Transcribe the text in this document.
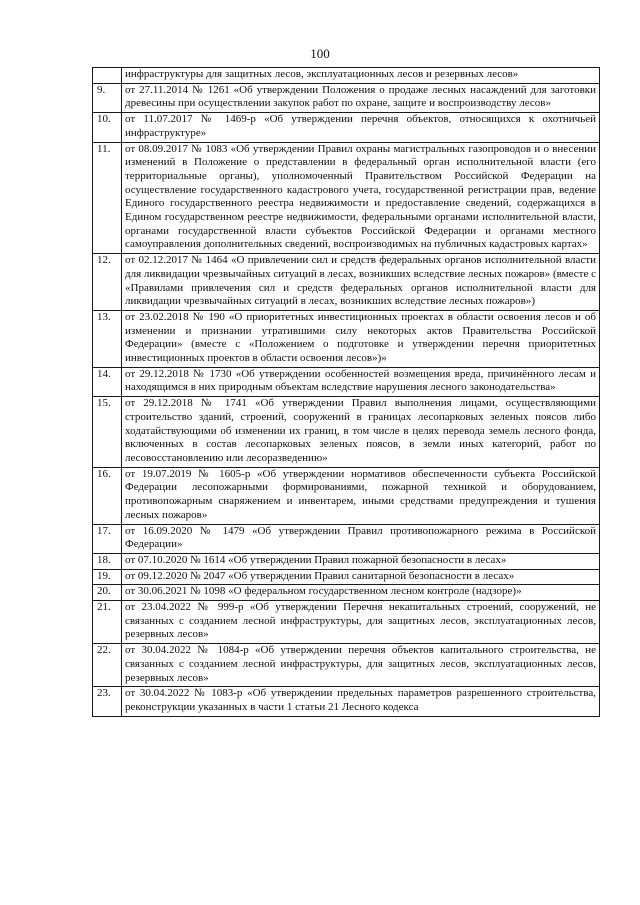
100
	инфраструктуры для защитных лесов, эксплуатационных лесов и резервных лесов»
9.	от 27.11.2014 № 1261 «Об утверждении Положения о продаже лесных насаждений для заготовки древесины при осуществлении закупок работ по охране, защите и воспроизводству лесов»
10.	от 11.07.2017 № 1469-р «Об утверждении перечня объектов, относящихся к охотничьей инфраструктуре»
11.	от 08.09.2017 № 1083 «Об утверждении Правил охраны магистральных газопроводов и о внесении изменений в Положение о представлении в федеральный орган исполнительной власти (его территориальные органы), уполномоченный Правительством Российской Федерации на осуществление государственного кадастрового учета, государственной регистрации прав, ведение Единого государственного реестра недвижимости и предоставление сведений, содержащихся в Едином государственном реестре недвижимости, федеральными органами исполнительной власти, органами государственной власти субъектов Российской Федерации и органами местного самоуправления дополнительных сведений, воспроизводимых на публичных кадастровых картах»
12.	от 02.12.2017 № 1464 «О привлечении сил и средств федеральных органов исполнительной власти для ликвидации чрезвычайных ситуаций в лесах, возникших вследствие лесных пожаров» (вместе с «Правилами привлечения сил и средств федеральных органов исполнительной власти для ликвидации чрезвычайных ситуаций в лесах, возникших вследствие лесных пожаров»)
13.	от 23.02.2018 № 190 «О приоритетных инвестиционных проектах в области освоения лесов и об изменении и признании утратившими силу некоторых актов Правительства Российской Федерации» (вместе с «Положением о подготовке и утверждении перечня приоритетных инвестиционных проектов в области освоения лесов»)»
14.	от 29.12.2018 № 1730 «Об утверждении особенностей возмещения вреда, причинённого лесам и находящимся в них природным объектам вследствие нарушения лесного законодательства»
15.	от 29.12.2018 № 1741 «Об утверждении Правил выполнения лицами, осуществляющими строительство зданий, строений, сооружений в границах лесопарковых зеленых поясов либо ходатайствующими об изменении их границ, в том числе в целях перевода земель лесного фонда, включенных в состав лесопарковых зеленых поясов, в земли иных категорий, работ по лесовосстановлению или лесоразведению»
16.	от 19.07.2019 № 1605-р «Об утверждении нормативов обеспеченности субъекта Российской Федерации лесопожарными формированиями, пожарной техникой и оборудованием, противопожарным снаряжением и инвентарем, иными средствами предупреждения и тушения лесных пожаров»
17.	от 16.09.2020 № 1479 «Об утверждении Правил противопожарного режима в Российской Федерации»
18.	от 07.10.2020 № 1614 «Об утверждении Правил пожарной безопасности в лесах»
19.	от 09.12.2020 № 2047 «Об утверждении Правил санитарной безопасности в лесах»
20.	от 30.06.2021 № 1098 «О федеральном государственном лесном контроле (надзоре)»
21.	от 23.04.2022 № 999-р «Об утверждении Перечня некапитальных строений, сооружений, не связанных с созданием лесной инфраструктуры, для защитных лесов, эксплуатационных лесов, резервных лесов»
22.	от 30.04.2022 № 1084-р «Об утверждении перечня объектов капитального строительства, не связанных с созданием лесной инфраструктуры, для защитных лесов, эксплуатационных лесов, резервных лесов»
23.	от 30.04.2022 № 1083-р «Об утверждении предельных параметров разрешенного строительства, реконструкции указанных в части 1 статьи 21 Лесного кодекса
